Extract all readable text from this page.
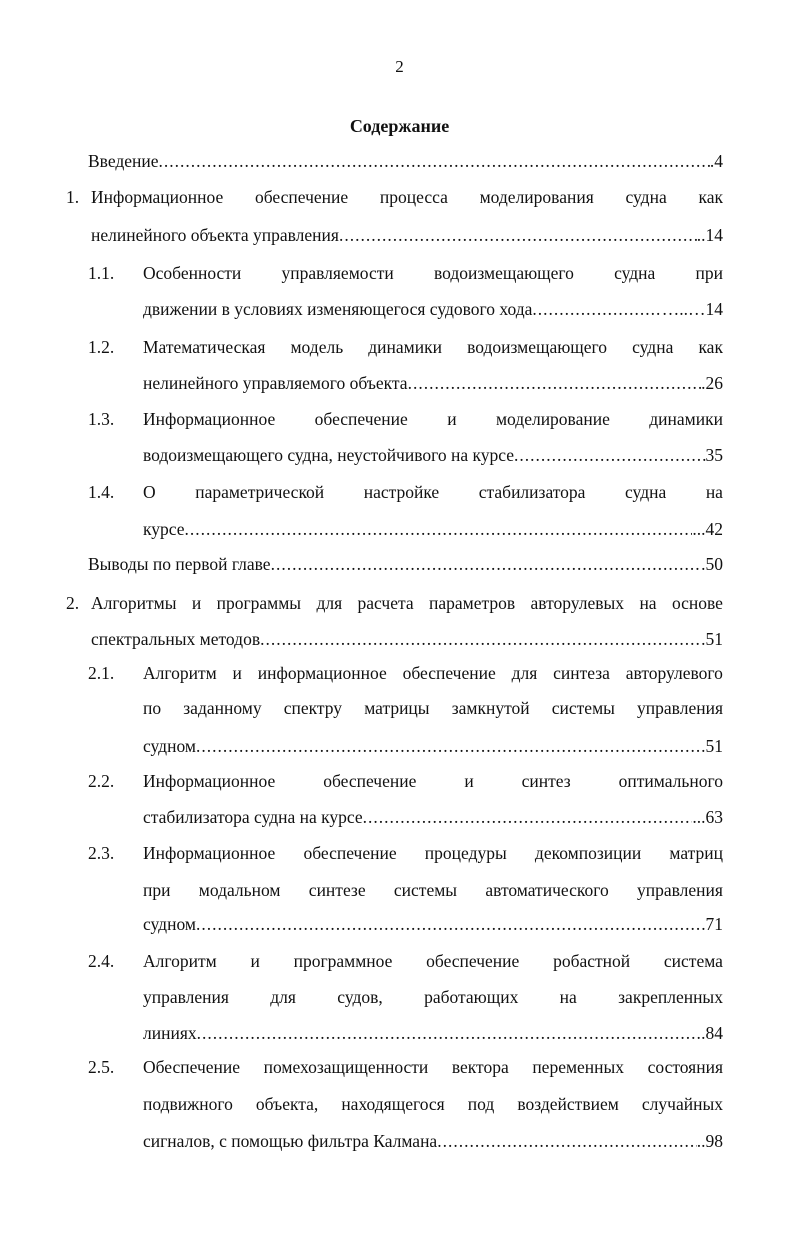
2
Содержание
Введение .....	.4
1. Информационное обеспечение процесса моделирования судна как
нелинейного объекта управления .....	..14
1.1. Особенности управляемости водоизмещающего судна при
движении в условиях изменяющегося судового хода .....	…..…14
1.2. Математическая модель динамики водоизмещающего судна как
нелинейного управляемого объекта .....	.26
1.3. Информационное обеспечение и моделирование динамики
водоизмещающего судна, неустойчивого на курсе .....	35
1.4. О параметрической настройке стабилизатора судна на
курсе .....	...42
Выводы по первой главе .....	.50
2. Алгоритмы и программы для расчета параметров авторулевых на основе
спектральных методов .....	.51
2.1. Алгоритм и информационное обеспечение для синтеза авторулевого
по заданному спектру матрицы замкнутой системы управления
судном .....	.51
2.2. Информационное	обеспечение	и	синтез	оптимального
стабилизатора судна на курсе .....	...63
2.3. Информационное обеспечение процедуры декомпозиции матриц
при модальном синтезе системы автоматического управления
судном .....	71
2.4. Алгоритм и программное обеспечение робастной система
управления для судов, работающих на закрепленных
линиях .....	.84
2.5. Обеспечение помехозащищенности вектора переменных состояния
подвижного объекта, находящегося под воздействием случайных
сигналов, с помощью фильтра Калмана .....	..98
